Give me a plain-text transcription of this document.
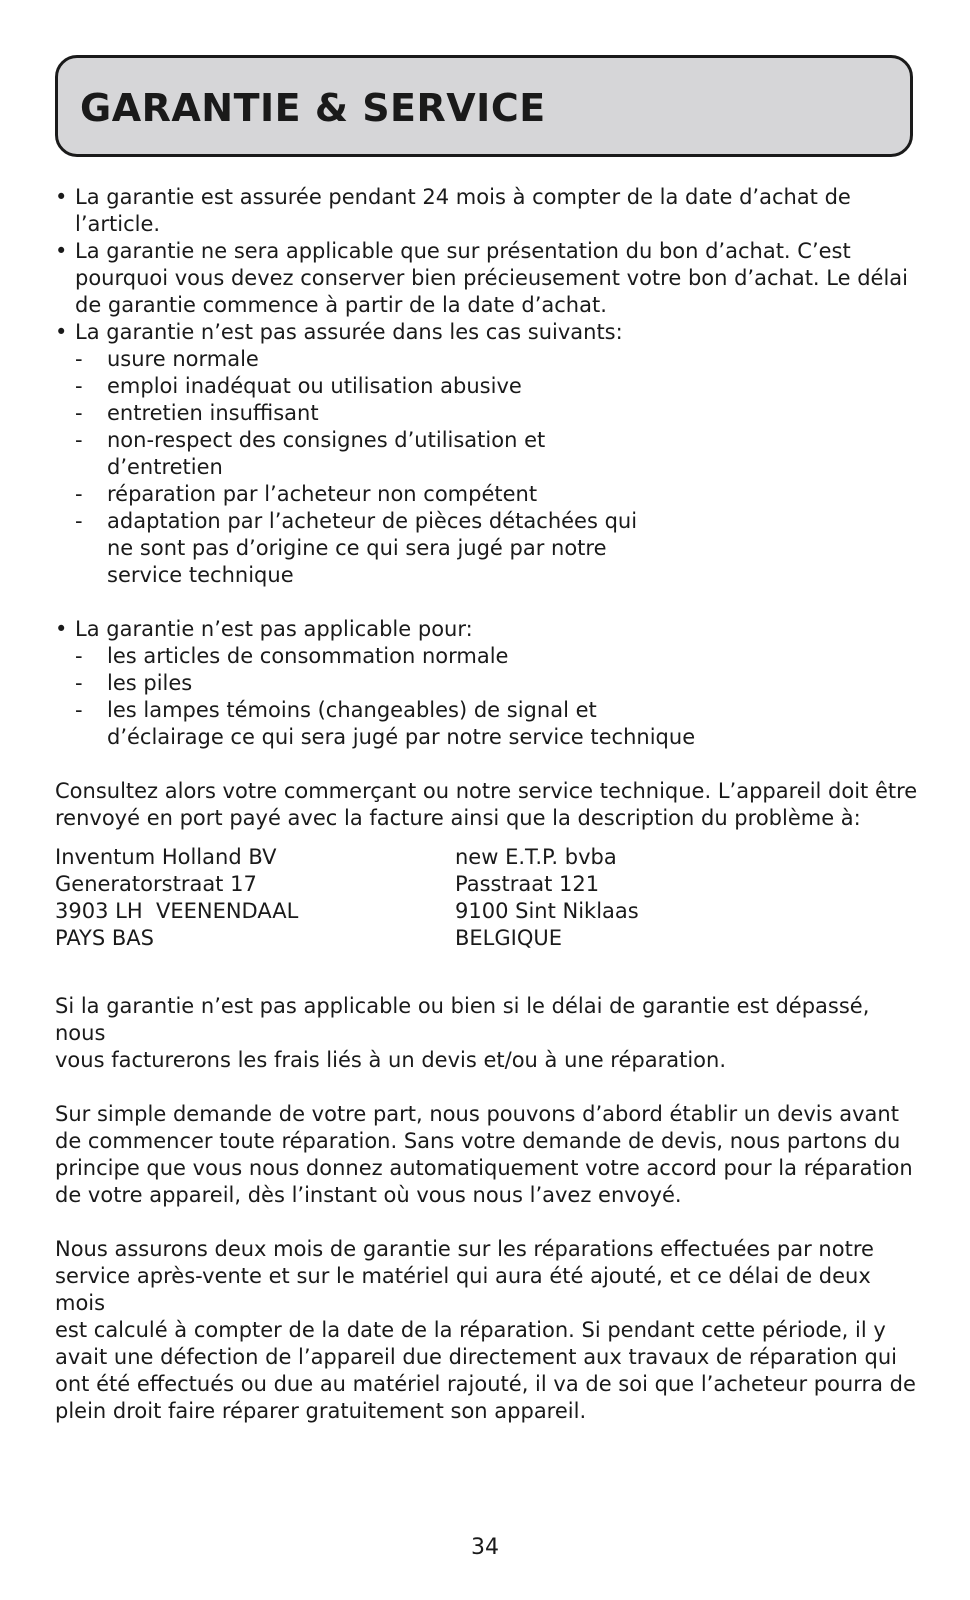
GARANTIE & SERVICE
• La garantie est assurée pendant 24 mois à compter de la date d’achat de
l’article.
• La garantie ne sera applicable que sur présentation du bon d’achat. C’est
pourquoi vous devez conserver bien précieusement votre bon d’achat. Le délai
de garantie commence à partir de la date d’achat.
• La garantie n’est pas assurée dans les cas suivants:
- usure normale
- emploi inadéquat ou utilisation abusive
- entretien insuffisant
- non-respect des consignes d’utilisation et
d’entretien
- réparation par l’acheteur non compétent
- adaptation par l’acheteur de pièces détachées qui
ne sont pas d’origine ce qui sera jugé par notre
service technique
• La garantie n’est pas applicable pour:
- les articles de consommation normale
- les piles
- les lampes témoins (changeables) de signal et
d’éclairage ce qui sera jugé par notre service technique

Consultez alors votre commerçant ou notre service technique. L’appareil doit être
renvoyé en port payé avec la facture ainsi que la description du problème à:

Inventum Holland BV
Generatorstraat 17
3903 LH  VEENENDAAL
PAYS BAS
new E.T.P. bvba
Passtraat 121
9100 Sint Niklaas
BELGIQUE

Si la garantie n’est pas applicable ou bien si le délai de garantie est dépassé, nous
vous facturerons les frais liés à un devis et/ou à une réparation.

Sur simple demande de votre part, nous pouvons d’abord établir un devis avant
de commencer toute réparation. Sans votre demande de devis, nous partons du
principe que vous nous donnez automatiquement votre accord pour la réparation
de votre appareil, dès l’instant où vous nous l’avez envoyé.

Nous assurons deux mois de garantie sur les réparations effectuées par notre
service après-vente et sur le matériel qui aura été ajouté, et ce délai de deux mois
est calculé à compter de la date de la réparation. Si pendant cette période, il y
avait une défection de l’appareil due directement aux travaux de réparation qui
ont été effectués ou due au matériel rajouté, il va de soi que l’acheteur pourra de
plein droit faire réparer gratuitement son appareil.

34
